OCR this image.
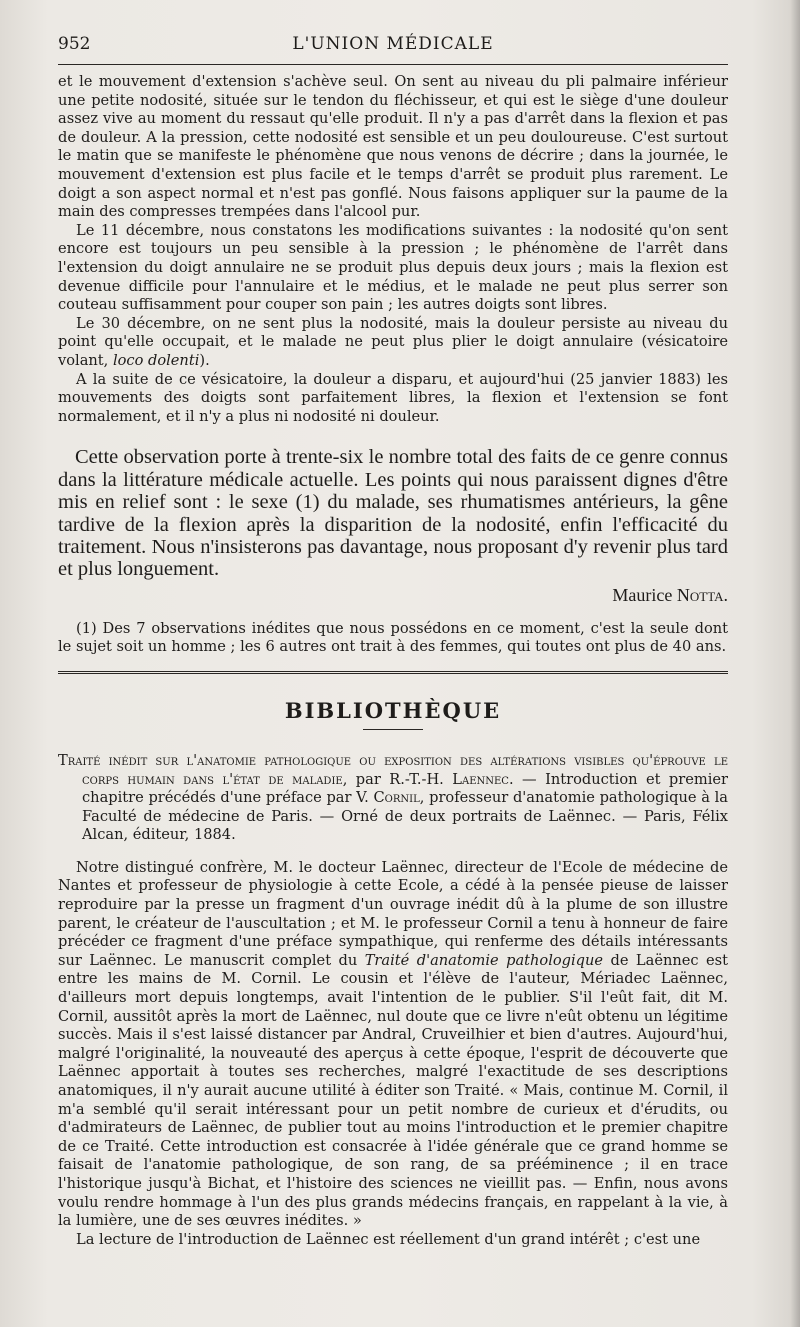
952	L'UNION MÉDICALE

et le mouvement d'extension s'achève seul. On sent au niveau du pli palmaire inférieur une petite nodosité, située sur le tendon du fléchisseur, et qui est le siège d'une douleur assez vive au moment du ressaut qu'elle produit. Il n'y a pas d'arrêt dans la flexion et pas de douleur. A la pression, cette nodosité est sensible et un peu douloureuse. C'est surtout le matin que se manifeste le phénomène que nous venons de décrire ; dans la journée, le mouvement d'extension est plus facile et le temps d'arrêt se produit plus rarement. Le doigt a son aspect normal et n'est pas gonflé. Nous faisons appliquer sur la paume de la main des compresses trempées dans l'alcool pur.

Le 11 décembre, nous constatons les modifications suivantes : la nodosité qu'on sent encore est toujours un peu sensible à la pression ; le phénomène de l'arrêt dans l'extension du doigt annulaire ne se produit plus depuis deux jours ; mais la flexion est devenue difficile pour l'annulaire et le médius, et le malade ne peut plus serrer son couteau suffisamment pour couper son pain ; les autres doigts sont libres.

Le 30 décembre, on ne sent plus la nodosité, mais la douleur persiste au niveau du point qu'elle occupait, et le malade ne peut plus plier le doigt annulaire (vésicatoire volant, loco dolenti).

A la suite de ce vésicatoire, la douleur a disparu, et aujourd'hui (25 janvier 1883) les mouvements des doigts sont parfaitement libres, la flexion et l'extension se font normalement, et il n'y a plus ni nodosité ni douleur.

Cette observation porte à trente-six le nombre total des faits de ce genre connus dans la littérature médicale actuelle. Les points qui nous paraissent dignes d'être mis en relief sont : le sexe (1) du malade, ses rhumatismes antérieurs, la gêne tardive de la flexion après la disparition de la nodosité, enfin l'efficacité du traitement. Nous n'insisterons pas davantage, nous proposant d'y revenir plus tard et plus longuement.

Maurice Notta.

(1) Des 7 observations inédites que nous possédons en ce moment, c'est la seule dont le sujet soit un homme ; les 6 autres ont trait à des femmes, qui toutes ont plus de 40 ans.

BIBLIOTHÈQUE

Traité inédit sur l'anatomie pathologique ou exposition des altérations visibles qu'éprouve le corps humain dans l'état de maladie, par R.-T.-H. Laennec. — Introduction et premier chapitre précédés d'une préface par V. Cornil, professeur d'anatomie pathologique à la Faculté de médecine de Paris. — Orné de deux portraits de Laënnec. — Paris, Félix Alcan, éditeur, 1884.

Notre distingué confrère, M. le docteur Laënnec, directeur de l'Ecole de médecine de Nantes et professeur de physiologie à cette Ecole, a cédé à la pensée pieuse de laisser reproduire par la presse un fragment d'un ouvrage inédit dû à la plume de son illustre parent, le créateur de l'auscultation ; et M. le professeur Cornil a tenu à honneur de faire précéder ce fragment d'une préface sympathique, qui renferme des détails intéressants sur Laënnec. Le manuscrit complet du Traité d'anatomie pathologique de Laënnec est entre les mains de M. Cornil. Le cousin et l'élève de l'auteur, Mériadec Laënnec, d'ailleurs mort depuis longtemps, avait l'intention de le publier. S'il l'eût fait, dit M. Cornil, aussitôt après la mort de Laënnec, nul doute que ce livre n'eût obtenu un légitime succès. Mais il s'est laissé distancer par Andral, Cruveilhier et bien d'autres. Aujourd'hui, malgré l'originalité, la nouveauté des aperçus à cette époque, l'esprit de découverte que Laënnec apportait à toutes ses recherches, malgré l'exactitude de ses descriptions anatomiques, il n'y aurait aucune utilité à éditer son Traité. « Mais, continue M. Cornil, il m'a semblé qu'il serait intéressant pour un petit nombre de curieux et d'érudits, ou d'admirateurs de Laënnec, de publier tout au moins l'introduction et le premier chapitre de ce Traité. Cette introduction est consacrée à l'idée générale que ce grand homme se faisait de l'anatomie pathologique, de son rang, de sa prééminence ; il en trace l'historique jusqu'à Bichat, et l'histoire des sciences ne vieillit pas. — Enfin, nous avons voulu rendre hommage à l'un des plus grands médecins français, en rappelant à la vie, à la lumière, une de ses œuvres inédites. »

La lecture de l'introduction de Laënnec est réellement d'un grand intérêt ; c'est une
